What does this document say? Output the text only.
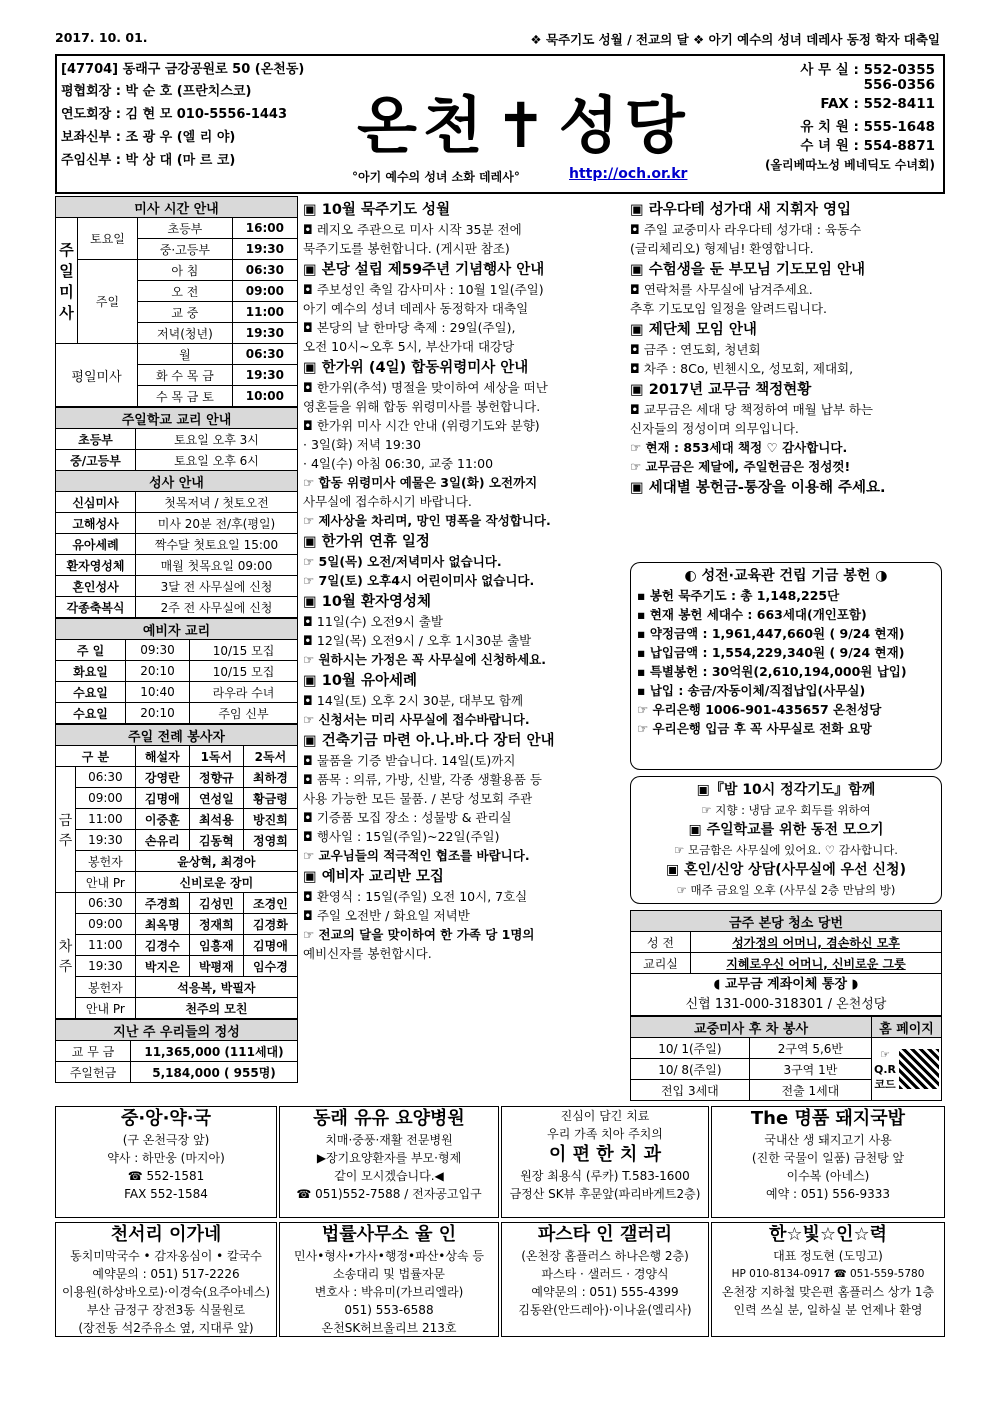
2017. 10. 01.	❖ 묵주기도 성월 / 전교의 달 ❖ 아기 예수의 성녀 데레사 동정 학자 대축일
[47704] 동래구 금강공원로 50 (온천동)
평협회장 : 박 순 호 (프란치스코)
연도회장 : 김 현 모 010-5556-1443
보좌신부 : 조 광 우 (엘 리 야)
주임신부 : 박 상 대 (마 르 코) 온천✝성당
°아기 예수의 성녀 소화 데레사°	http://och.or.kr
사 무 실 : 552-0355
556-0356
FAX : 552-8411
유 치 원 : 555-1648
수 녀 원 : 554-8871
(올리베따노성 베네딕도 수녀회)
미사 시간 안내			
주일미사	토요일	초등부	16:00
		중·고등부	19:30
	주일	아 침	06:30
		오 전	09:00
		교 중	11:00
		저녁(청년)	19:30
평일미사		월	06:30
		화 수 목 금	19:30
		수 목 금 토	10:00
주일학교 교리 안내	
초등부	토요일 오후 3시
중/고등부	토요일 오후 6시
성사 안내	
신심미사	첫목저녁 / 첫토오전
고해성사	미사 20분 전/후(평일)
유아세례	짝수달 첫토요일 15:00
환자영성체	매월 첫목요일 09:00
혼인성사	3달 전 사무실에 신청
각종축복식	2주 전 사무실에 신청
예비자 교리		
주 일	09:30	10/15 모집
화요일	20:10	10/15 모집
수요일	10:40	라우라 수녀
수요일	20:10	주임 신부
주일 전례 봉사자				
구 분		해설자	1독서	2독서
금주	06:30	강영란	정향규	최하경
	09:00	김명애	연성일	황금령
	11:00	이중훈	최석용	방진희
	19:30	손유리	김동혁	정영희
	봉헌자	윤상혁, 최경아		
	안내 Pr	신비로운 장미		
차주	06:30	주경희	김성민	조경인
	09:00	최옥명	정재희	김경화
	11:00	김경수	임흥재	김명애
	19:30	박지은	박평재	임수경
	봉헌자	석응복, 박필자		
	안내 Pr	천주의 모친		
지난 주 우리들의 정성	
교 무 금	11,365,000 (111세대)
주일헌금	5,184,000 ( 955명)
▣ 10월 묵주기도 성월
◘ 레지오 주관으로 미사 시작 35분 전에
묵주기도를 봉헌합니다. (게시판 참조)
▣ 본당 설립 제59주년 기념행사 안내
◘ 주보성인 축일 감사미사 : 10월 1일(주일)
아기 예수의 성녀 데레사 동정학자 대축일
◘ 본당의 날 한마당 축제 : 29일(주일),
오전 10시~오후 5시, 부산가대 대강당
▣ 한가위 (4일) 합동위령미사 안내
◘ 한가위(추석) 명절을 맞이하여 세상을 떠난
영혼들을 위해 합동 위령미사를 봉헌합니다.
◘ 한가위 미사 시간 안내 (위령기도와 분향)
· 3일(화) 저녁 19:30
· 4일(수) 아침 06:30, 교중 11:00
☞ 합동 위령미사 예물은 3일(화) 오전까지
사무실에 접수하시기 바랍니다.
☞ 제사상을 차리며, 망인 명폭을 작성합니다.
▣ 한가위 연휴 일정
☞ 5일(목) 오전/저녁미사 없습니다.
☞ 7일(토) 오후4시 어린이미사 없습니다.
▣ 10월 환자영성체
◘ 11일(수) 오전9시 출발
◘ 12일(목) 오전9시 / 오후 1시30분 출발
☞ 원하시는 가정은 꼭 사무실에 신청하세요.
▣ 10월 유아세례
◘ 14일(토) 오후 2시 30분, 대부모 함께
☞ 신청서는 미리 사무실에 접수바랍니다.
▣ 건축기금 마련 아.나.바.다 장터 안내
◘ 물품을 기증 받습니다. 14일(토)까지
◘ 품목 : 의류, 가방, 신발, 각종 생활용품 등
사용 가능한 모든 물품. / 본당 성모회 주관
◘ 기증품 모집 장소 : 성물방 & 관리실
◘ 행사일 : 15일(주일)~22일(주일)
☞ 교우님들의 적극적인 협조를 바랍니다.
▣ 예비자 교리반 모집
◘ 환영식 : 15일(주일) 오전 10시, 7호실
◘ 주일 오전반 / 화요일 저녁반
☞ 전교의 달을 맞이하여 한 가족 당 1명의
예비신자를 봉헌합시다.
▣ 라우다테 성가대 새 지휘자 영입
◘ 주일 교중미사 라우다테 성가대 : 육동수
(글리체리오) 형제님! 환영합니다.
▣ 수험생을 둔 부모님 기도모임 안내
◘ 연락처를 사무실에 남겨주세요.
추후 기도모임 일정을 알려드립니다.
▣ 제단체 모임 안내
◘ 금주 : 연도회, 청년회
◘ 차주 : 8Co, 빈첸시오, 성모회, 제대회,
▣ 2017년 교무금 책정현황
◘ 교무금은 세대 당 책정하여 매월 납부 하는
신자들의 정성이며 의무입니다.
☞ 현재 : 853세대 책정 ♡ 감사합니다.
☞ 교무금은 제달에, 주일헌금은 정성껏!
▣ 세대별 봉헌금-통장을 이용해 주세요.
◐ 성전·교육관 건립 기금 봉헌 ◑
▪ 봉헌 묵주기도 : 총 1,148,225단
▪ 현재 봉헌 세대수 : 663세대(개인포함)
▪ 약정금액 : 1,961,447,660원 ( 9/24 현재)
▪ 납입금액 : 1,554,229,340원 ( 9/24 현재)
▪ 특별봉헌 : 30억원(2,610,194,000원 납입)
▪ 납입 : 송금/자동이체/직접납입(사무실)
☞ 우리은행 1006-901-435657 온천성당
☞ 우리은행 입금 후 꼭 사무실로 전화 요망
▣『밤 10시 정각기도』함께
☞ 지향 : 냉담 교우 회두를 위하여
▣ 주일학교를 위한 동전 모으기
☞ 모금함은 사무실에 있어요. ♡ 감사합니다.
▣ 혼인/신앙 상담(사무실에 우선 신청)
☞ 매주 금요일 오후 (사무실 2층 만남의 방)
금주 본당 청소 당번	
성 전	성가정의 어머니, 겸손하신 모후
교리실	지혜로우신 어머니, 신비로운 그릇

◖ 교무금 계좌이체 통장 ◗
신협 131-000-318301 / 온천성당	
교중미사 후 차 봉사		홈 페이지
10/ 1(주일)	2구역 5,6반	☞
Q.R
코드

10/ 8(주일)	3구역 1반	
전입 3세대	전출 1세대	
중·앙·약·국
(구 온천극장 앞)
약사 : 하만웅 (마지아)
☎ 552-1581
FAX 552-1584
동래 유유 요양병원
치매·중풍·재활 전문병원
▶장기요양환자를 부모·형제
같이 모시겠습니다.◀
☎ 051)552-7588 / 전자공고입구
진심이 담긴 치료
우리 가족 치아 주치의
이 편 한 치 과
원장 최용식 (루카) T.583-1600
금정산 SK뷰 후문앞(파리바게트2층)
The 명품 돼지국밥
국내산 생 돼지고기 사용
(진한 국물이 일품) 금천탕 앞
이수복 (아네스)
예약 : 051) 556-9333
천서리 이가네
동치미막국수 • 감자옹심이 • 칼국수
예약문의 : 051) 517-2226
이용원(하상바오로)·이경숙(요주아네스)
부산 금정구 장전3동 식물원로
(장전동 석2주유소 옆, 지대루 앞)
법률사무소 율 인
민사•형사•가사•행정•파산•상속 등
소송대리 및 법률자문
변호사 : 박유미(가브리엘라)
051) 553-6588
온천SK허브올리브 213호
파스타 인 갤러리
(온천장 홈플러스 하나은행 2층)
파스타 · 샐러드 · 경양식
예약문의 : 051) 555-4399
김동완(안드레아)·이나윤(엘리사)
한☆빛☆인☆력
대표 정도현 (도밍고)
HP 010-8134-0917 ☎ 051-559-5780
온천장 지하철 맞은편 홈플러스 상가 1층
인력 쓰실 분, 일하실 분 언제나 환영
